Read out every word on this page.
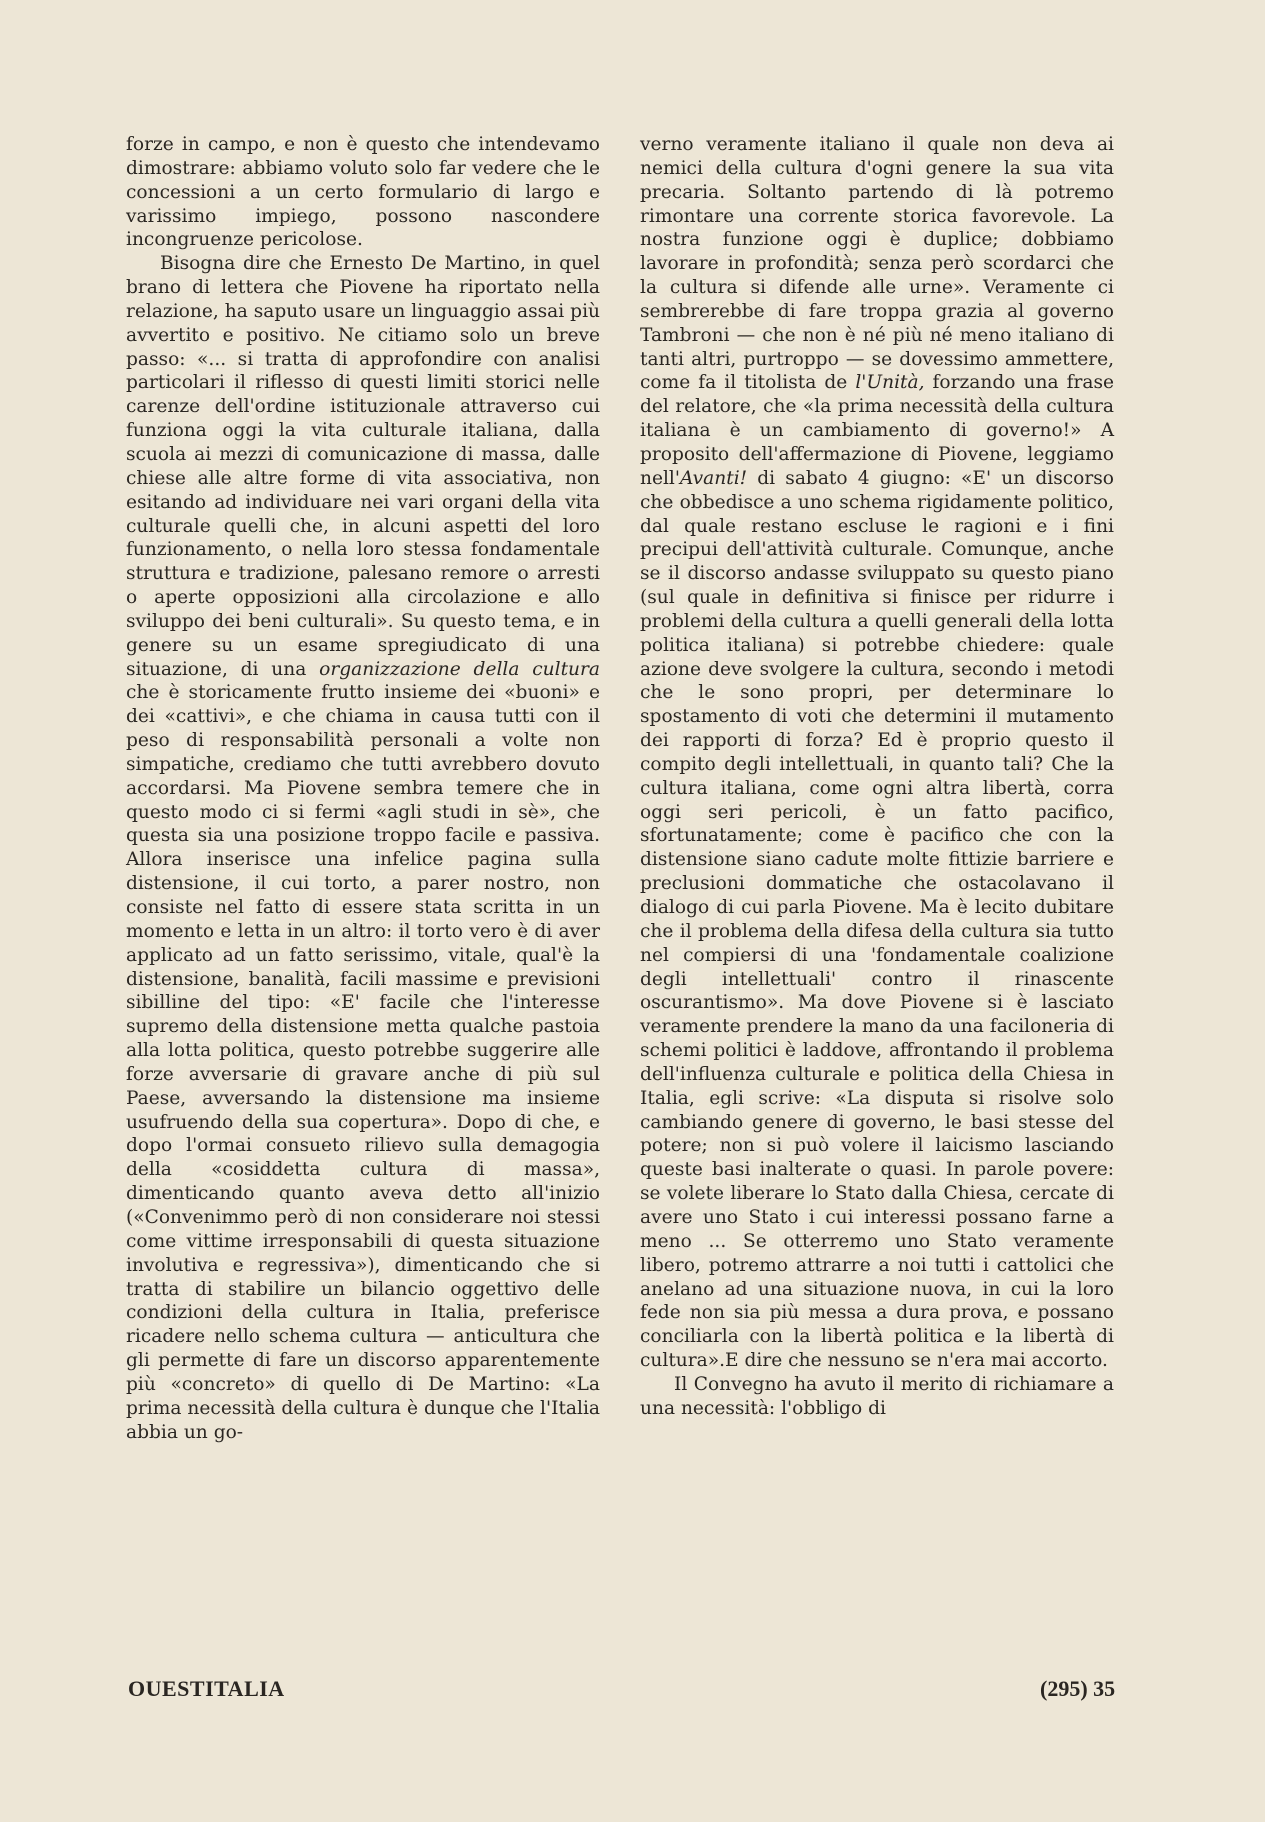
forze in campo, e non è questo che intendevamo dimostrare: abbiamo voluto solo far vedere che le concessioni a un certo formulario di largo e varissimo impiego, possono nascondere incongruenze pericolose.

Bisogna dire che Ernesto De Martino, in quel brano di lettera che Piovene ha riportato nella relazione, ha saputo usare un linguaggio assai più avvertito e positivo. Ne citiamo solo un breve passo: «... si tratta di approfondire con analisi particolari il riflesso di questi limiti storici nelle carenze dell'ordine istituzionale attraverso cui funziona oggi la vita culturale italiana, dalla scuola ai mezzi di comunicazione di massa, dalle chiese alle altre forme di vita associativa, non esitando ad individuare nei vari organi della vita culturale quelli che, in alcuni aspetti del loro funzionamento, o nella loro stessa fondamentale struttura e tradizione, palesano remore o arresti o aperte opposizioni alla circolazione e allo sviluppo dei beni culturali». Su questo tema, e in genere su un esame spregiudicato di una situazione, di una organizzazione della cultura che è storicamente frutto insieme dei «buoni» e dei «cattivi», e che chiama in causa tutti con il peso di responsabilità personali a volte non simpatiche, crediamo che tutti avrebbero dovuto accordarsi. Ma Piovene sembra temere che in questo modo ci si fermi «agli studi in sè», che questa sia una posizione troppo facile e passiva. Allora inserisce una infelice pagina sulla distensione, il cui torto, a parer nostro, non consiste nel fatto di essere stata scritta in un momento e letta in un altro: il torto vero è di aver applicato ad un fatto serissimo, vitale, qual'è la distensione, banalità, facili massime e previsioni sibilline del tipo: «E' facile che l'interesse supremo della distensione metta qualche pastoia alla lotta politica, questo potrebbe suggerire alle forze avversarie di gravare anche di più sul Paese, avversando la distensione ma insieme usufruendo della sua copertura». Dopo di che, e dopo l'ormai consueto rilievo sulla demagogia della «cosiddetta cultura di massa», dimenticando quanto aveva detto all'inizio («Convenimmo però di non considerare noi stessi come vittime irresponsabili di questa situazione involutiva e regressiva»), dimenticando che si tratta di stabilire un bilancio oggettivo delle condizioni della cultura in Italia, preferisce ricadere nello schema cultura — anticultura che gli permette di fare un discorso apparentemente più «concreto» di quello di De Martino: «La prima necessità della cultura è dunque che l'Italia abbia un go-

verno veramente italiano il quale non deva ai nemici della cultura d'ogni genere la sua vita precaria. Soltanto partendo di là potremo rimontare una corrente storica favorevole. La nostra funzione oggi è duplice; dobbiamo lavorare in profondità; senza però scordarci che la cultura si difende alle urne». Veramente ci sembrerebbe di fare troppa grazia al governo Tambroni — che non è né più né meno italiano di tanti altri, purtroppo — se dovessimo ammettere, come fa il titolista de l'Unità, forzando una frase del relatore, che «la prima necessità della cultura italiana è un cambiamento di governo!» A proposito dell'affermazione di Piovene, leggiamo nell'Avanti! di sabato 4 giugno: «E' un discorso che obbedisce a uno schema rigidamente politico, dal quale restano escluse le ragioni e i fini precipui dell'attività culturale. Comunque, anche se il discorso andasse sviluppato su questo piano (sul quale in definitiva si finisce per ridurre i problemi della cultura a quelli generali della lotta politica italiana) si potrebbe chiedere: quale azione deve svolgere la cultura, secondo i metodi che le sono propri, per determinare lo spostamento di voti che determini il mutamento dei rapporti di forza? Ed è proprio questo il compito degli intellettuali, in quanto tali? Che la cultura italiana, come ogni altra libertà, corra oggi seri pericoli, è un fatto pacifico, sfortunatamente; come è pacifico che con la distensione siano cadute molte fittizie barriere e preclusioni dommatiche che ostacolavano il dialogo di cui parla Piovene. Ma è lecito dubitare che il problema della difesa della cultura sia tutto nel compiersi di una 'fondamentale coalizione degli intellettuali' contro il rinascente oscurantismo». Ma dove Piovene si è lasciato veramente prendere la mano da una faciloneria di schemi politici è laddove, affrontando il problema dell'influenza culturale e politica della Chiesa in Italia, egli scrive: «La disputa si risolve solo cambiando genere di governo, le basi stesse del potere; non si può volere il laicismo lasciando queste basi inalterate o quasi. In parole povere: se volete liberare lo Stato dalla Chiesa, cercate di avere uno Stato i cui interessi possano farne a meno ... Se otterremo uno Stato veramente libero, potremo attrarre a noi tutti i cattolici che anelano ad una situazione nuova, in cui la loro fede non sia più messa a dura prova, e possano conciliarla con la libertà politica e la libertà di cultura».E dire che nessuno se n'era mai accorto.

Il Convegno ha avuto il merito di richiamare a una necessità: l'obbligo di

OUESTITALIA	(295) 35
